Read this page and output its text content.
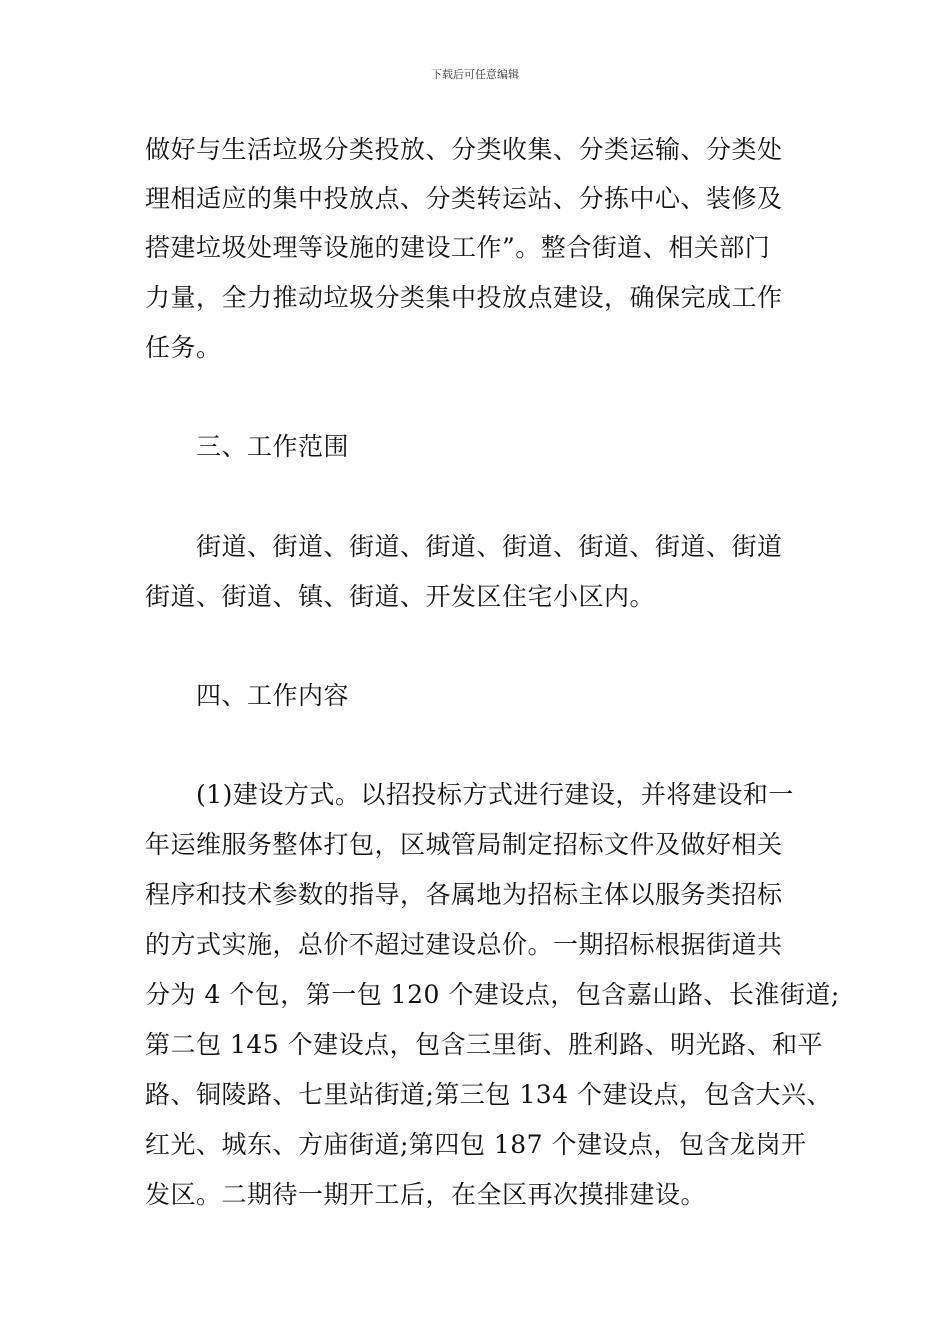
下载后可任意编辑
做好与生活垃圾分类投放、分类收集、分类运输、分类处
理相适应的集中投放点、分类转运站、分拣中心、装修及
搭建垃圾处理等设施的建设工作”。整合街道、相关部门
力量，全力推动垃圾分类集中投放点建设，确保完成工作
任务。
三、工作范围
街道、街道、街道、街道、街道、街道、街道、街道
街道、街道、镇、街道、开发区住宅小区内。
四、工作内容
(1)建设方式。以招投标方式进行建设，并将建设和一
年运维服务整体打包，区城管局制定招标文件及做好相关
程序和技术参数的指导，各属地为招标主体以服务类招标
的方式实施，总价不超过建设总价。一期招标根据街道共
分为 4 个包，第一包 120 个建设点，包含嘉山路、长淮街道;
第二包 145 个建设点，包含三里街、胜利路、明光路、和平
路、铜陵路、七里站街道;第三包 134 个建设点，包含大兴、
红光、城东、方庙街道;第四包 187 个建设点，包含龙岗开
发区。二期待一期开工后，在全区再次摸排建设。
